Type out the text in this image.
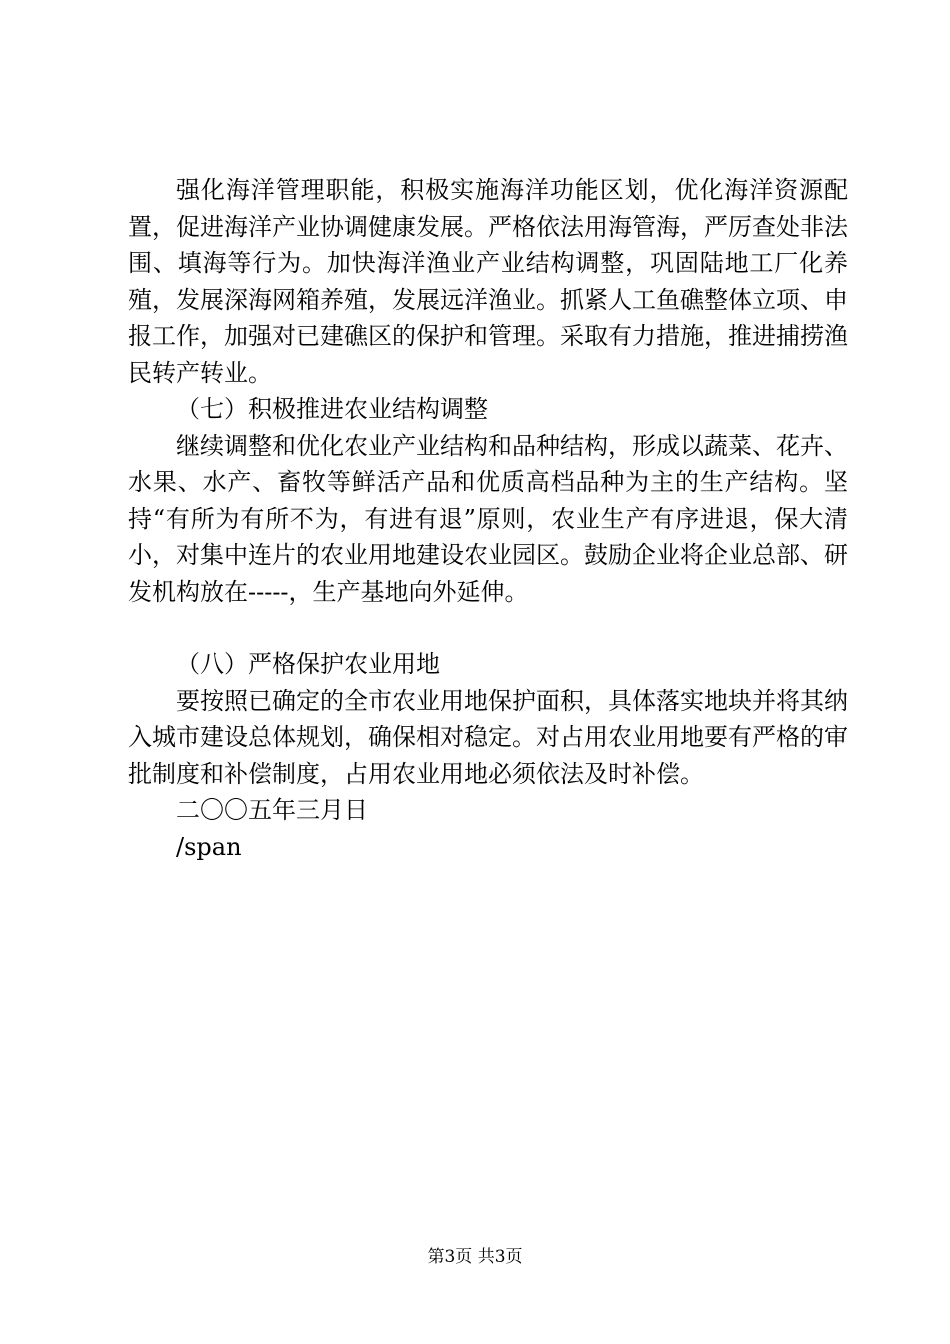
强化海洋管理职能，积极实施海洋功能区划，优化海洋资源配置，促进海洋产业协调健康发展。严格依法用海管海，严厉查处非法围、填海等行为。加快海洋渔业产业结构调整，巩固陆地工厂化养殖，发展深海网箱养殖，发展远洋渔业。抓紧人工鱼礁整体立项、申报工作，加强对已建礁区的保护和管理。采取有力措施，推进捕捞渔民转产转业。

（七）积极推进农业结构调整

继续调整和优化农业产业结构和品种结构，形成以蔬菜、花卉、水果、水产、畜牧等鲜活产品和优质高档品种为主的生产结构。坚持“有所为有所不为，有进有退”原则，农业生产有序进退，保大清小，对集中连片的农业用地建设农业园区。鼓励企业将企业总部、研发机构放在-----，生产基地向外延伸。

（八）严格保护农业用地

要按照已确定的全市农业用地保护面积，具体落实地块并将其纳入城市建设总体规划，确保相对稳定。对占用农业用地要有严格的审批制度和补偿制度，占用农业用地必须依法及时补偿。

二〇〇五年三月日

/span

第3页 共3页
